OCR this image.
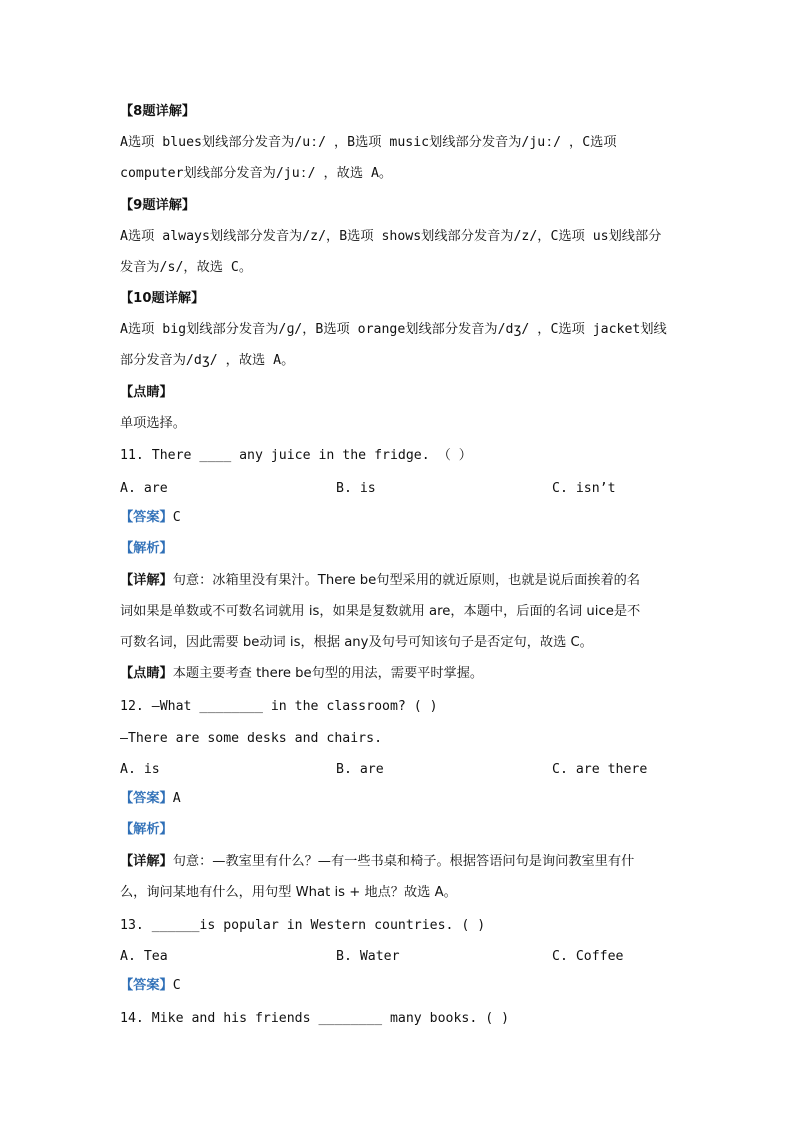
【8题详解】
A选项 blues划线部分发音为/uː/ ，B选项 music划线部分发音为/juː/ ，C选项
computer划线部分发音为/juː/ ，故选 A。
【9题详解】
A选项 always划线部分发音为/z/，B选项 shows划线部分发音为/z/，C选项 us划线部分
发音为/s/，故选 C。
【10题详解】
A选项 big划线部分发音为/ɡ/，B选项 orange划线部分发音为/dʒ/ ，C选项 jacket划线
部分发音为/dʒ/ ，故选 A。
【点睛】
单项选择。
11. There ____ any juice in the fridge. （ ）
A. are	B. is	C. isn’t
【答案】C
【解析】
【详解】句意：冰箱里没有果汁。There be句型采用的就近原则，也就是说后面挨着的名
词如果是单数或不可数名词就用 is，如果是复数就用 are，本题中，后面的名词 uice是不
可数名词，因此需要 be动词 is，根据 any及句号可知该句子是否定句，故选 C。
【点睛】本题主要考查 there be句型的用法，需要平时掌握。
12. —What ________ in the classroom? ( )
—There are some desks and chairs.
A. is	B. are	C. are there
【答案】A
【解析】
【详解】句意：—教室里有什么？—有一些书桌和椅子。根据答语问句是询问教室里有什
么，询问某地有什么，用句型 What is + 地点？故选 A。
13. ______is popular in Western countries. ( )
A. Tea	B. Water	C. Coffee
【答案】C
14. Mike and his friends ________ many books. ( )
